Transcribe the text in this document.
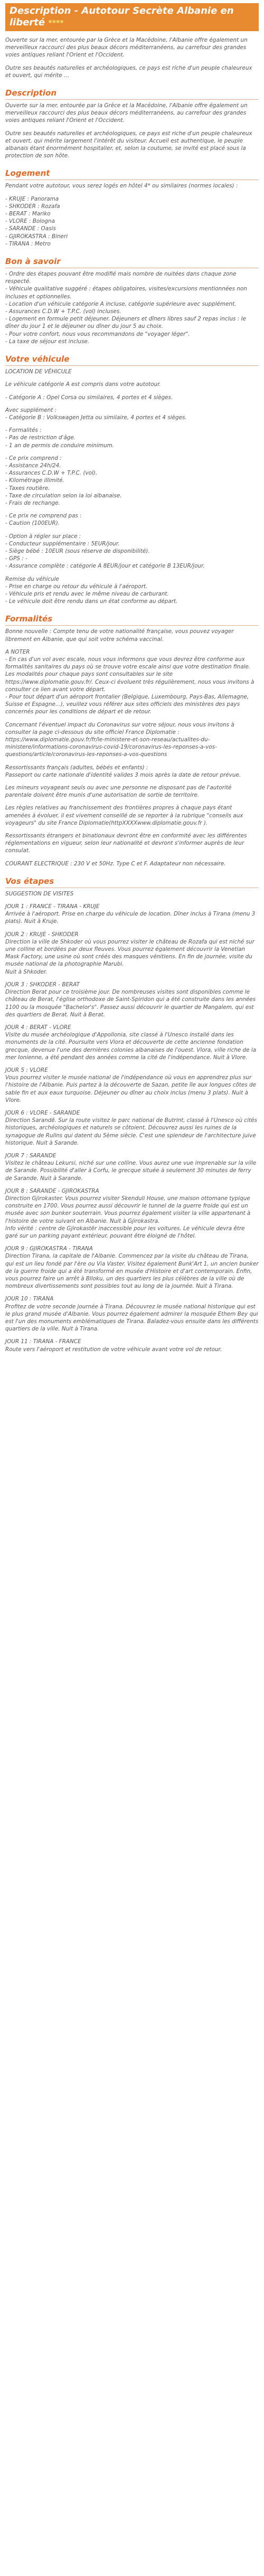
Description - Autotour Secrète Albanie en liberté ****

Ouverte sur la mer, entourée par la Grèce et la Macédoine, l'Albanie offre également un merveilleux raccourci des plus beaux décors méditerranéens, au carrefour des grandes voies antiques reliant l'Orient et l'Occident.

Outre ses beautés naturelles et archéologiques, ce pays est riche d'un peuple chaleureux et ouvert, qui mérite ...

Description

Ouverte sur la mer, entourée par la Grèce et la Macédoine, l'Albanie offre également un merveilleux raccourci des plus beaux décors méditerranéens, au carrefour des grandes voies antiques reliant l'Orient et l'Occident.

Outre ses beautés naturelles et archéologiques, ce pays est riche d'un peuple chaleureux et ouvert, qui mérite largement l'intérêt du visiteur. Accueil est authentique, le peuple albanais étant énormément hospitalier, et, selon la coutume, se invité est placé sous la protection de son hôte.

Logement

Pendant votre autotour, vous serez logés en hôtel 4* ou similaires (normes locales) :

- KRUJE : Panorama
- SHKODER : Rozafa
- BERAT : Mariko
- VLORE : Bologna
- SARANDE : Oasis
- GJIROKASTRA : Bineri
- TIRANA : Metro
Bon à savoir
- Ordre des étapes pouvant être modifié mais nombre de nuitées dans chaque zone respecté.
- Véhicule qualitative suggéré : étapes obligatoires, visites/excursions mentionnées non incluses et optionnelles.
- Location d'un véhicule catégorie A incluse, catégorie supérieure avec supplément.
- Assurances C.D.W + T.P.C. (vol) incluses.
- Logement en formule petit déjeuner. Déjeuners et dîners libres sauf 2 repas inclus : le dîner du jour 1 et le déjeuner ou dîner du jour 5 au choix.
- Pour votre confort, nous vous recommandons de "voyager léger".
- La taxe de séjour est incluse.
Votre véhicule
LOCATION DE VÉHICULE
Le véhicule catégorie A est compris dans votre autotour.
- Catégorie A : Opel Corsa ou similaires, 4 portes et 4 sièges.
Avec supplément :
- Catégorie B : Volkswagen Jetta ou similaire, 4 portes et 4 sièges.
- Formalités :
- Pas de restriction d'âge.
- 1 an de permis de conduire minimum.
- Ce prix comprend :
- Assistance 24h/24.
- Assurances C.D.W + T.P.C. (vol).
- Kilométrage illimité.
- Taxes routière.
- Taxe de circulation selon la loi albanaise.
- Frais de rechange.
- Ce prix ne comprend pas :
- Caution (100EUR).
- Option à régler sur place :
- Conducteur supplémentaire : 5EUR/jour.
- Siège bébé : 10EUR (sous réserve de disponibilité).
- GPS : -
- Assurance complète : catégorie A 8EUR/jour et catégorie B 13EUR/jour.
Remise du véhicule
- Prise en charge ou retour du véhicule à l'aéroport.
- Véhicule pris et rendu avec le même niveau de carburant.
- Le véhicule doit être rendu dans un état conforme au départ.
Formalités
Bonne nouvelle : Compte tenu de votre nationalité française, vous pouvez voyager librement en Albanie, que qui soit votre schéma vaccinal.
A NOTER
- En cas d'un vol avec escale, nous vous informons que vous devrez être conforme aux formalités sanitaires du pays où se trouve votre escale ainsi que votre destination finale.
Les modalités pour chaque pays sont consultables sur le site https://www.diplomatie.gouv.fr/. Ceux-ci évoluent très régulièrement, nous vous invitons à consulter ce lien avant votre départ.
- Pour tout départ d'un aéroport frontalier (Belgique, Luxembourg, Pays-Bas, Allemagne, Suisse et Espagne...), veuillez vous référer aux sites officiels des ministères des pays concernés pour les conditions de départ et de retour.
Concernant l'éventuel impact du Coronavirus sur votre séjour, nous vous invitons à consulter la page ci-dessous du site officiel France Diplomatie : https://www.diplomatie.gouv.fr/fr/le-ministere-et-son-reseau/actualites-du-ministere/informations-coronavirus-covid-19/coronavirus-les-reponses-a-vos-questions/article/coronavirus-les-reponses-a-vos-questions
Ressortissants français (adultes, bébés et enfants) :
Passeport ou carte nationale d'identité valides 3 mois après la date de retour prévue.
Les mineurs voyageant seuls ou avec une personne ne disposant pas de l'autorité parentale doivent être munis d'une autorisation de sortie de territoire.
Les règles relatives au franchissement des frontières propres à chaque pays étant amenées à évoluer, il est vivement conseillé de se reporter à la rubrique "conseils aux voyageurs" du site France Diplomatie(httpXXXXwww.diplomatie.gouv.fr ).
Ressortissants étrangers et binationaux devront être en conformité avec les différentes réglementations en vigueur, selon leur nationalité et devront s'informer auprès de leur consulat.
COURANT ELECTRIQUE : 230 V et 50Hz. Type C et F. Adaptateur non nécessaire.
Vos étapes
SUGGESTION DE VISITES
JOUR 1 : FRANCE - TIRANA - KRUJE
Arrivée à l'aéroport. Prise en charge du véhicule de location. Dîner inclus à Tirana (menu 3 plats). Nuit à Kruje.
JOUR 2 : KRUJE - SHKODER
Direction la ville de Shkoder où vous pourrez visiter le château de Rozafa qui est niché sur une colline et bordées par deux fleuves. Vous pourrez également découvrir la Venetian Mask Factory, une usine où sont créés des masques vénitiens. En fin de journée, visite du musée national de la photographie Marubi.
Nuit à Shkoder.
JOUR 3 : SHKODER - BERAT
Direction Berat pour ce troisième jour. De nombreuses visites sont disponibles comme le château de Berat, l'église orthodoxe de Saint-Spiridon qui a été construite dans les années 1100 ou la mosquée "Bachelor's". Passez aussi découvrir le quartier de Mangalem, qui est des quartiers de Berat. Nuit à Berat.
JOUR 4 : BERAT - VLORE
Visite du musée archéologique d'Appollonia, site classé à l'Unesco installé dans les monuments de la cité. Poursuite vers Vlora et découverte de cette ancienne fondation grecque, devenue l'une des dernières colonies albanaises de l'ouest. Vlora, ville riche de la mer Ionienne, a été pendant des années comme la cité de l'indépendance. Nuit à Vlore.
JOUR 5 : VLORE
Vous pourrez visiter le musée national de l'indépendance où vous en apprendrez plus sur l'histoire de l'Albanie. Puis partez à la découverte de Sazan, petite île aux longues côtes de sable fin et aux eaux turquoise. Déjeuner ou dîner au choix inclus (menu 3 plats). Nuit à Vlore.
JOUR 6 : VLORE - SARANDE
Direction Sarandë. Sur la route visitez le parc national de Butrint, classé à l'Unesco où cités historiques, archéologiques et naturels se côtoient. Découvrez aussi les ruines de la synagogue de Rulins qui datent du 5ème siècle. C'est une splendeur de l'architecture juive historique. Nuit à Sarande.
JOUR 7 : SARANDE
Visitez le château Lekursi, niché sur une colline. Vous aurez une vue imprenable sur la ville de Sarande. Possibilité d'aller à Corfu, le grecque située à seulement 30 minutes de ferry de Sarande. Nuit à Sarande.
JOUR 8 : SARANDE - GJIROKASTRA
Direction Gjirokaster. Vous pourrez visiter Skenduli House, une maison ottomane typique construite en 1700. Vous pourrez aussi découvrir le tunnel de la guerre froide qui est un musée avec son bunker souterrain. Vous pourrez également visiter la ville appartenant à l'histoire de votre suivant en Albanie. Nuit à Gjirokastra.
Info vérité : centre de Gjirokastër inaccessible pour les voitures. Le véhicule devra être garé sur un parking payant extérieur, pouvant être éloigné de l'hôtel.
JOUR 9 : GJIROKASTRA - TIRANA
Direction Tirana, la capitale de l'Albanie. Commencez par la visite du château de Tirana, qui est un lieu fondé par l'ère ou Via Vaster. Visitez également Bunk'Art 1, un ancien bunker de la guerre froide qui a été transformé en musée d'Histoire et d'art contemporain. Enfin, vous pourrez faire un arrêt à Blloku, un des quartiers les plus célèbres de la ville où de nombreux divertissements sont possibles tout au long de la journée. Nuit à Tirana.
JOUR 10 : TIRANA
Profitez de votre seconde journée à Tirana. Découvrez le musée national historique qui est le plus grand musée d'Albanie. Vous pourrez également admirer la mosquée Ethem Bey qui est l'un des monuments emblématiques de Tirana. Baladez-vous ensuite dans les différents quartiers de la ville. Nuit à Tirana.
JOUR 11 : TIRANA - FRANCE
Route vers l'aéroport et restitution de votre véhicule avant votre vol de retour.
